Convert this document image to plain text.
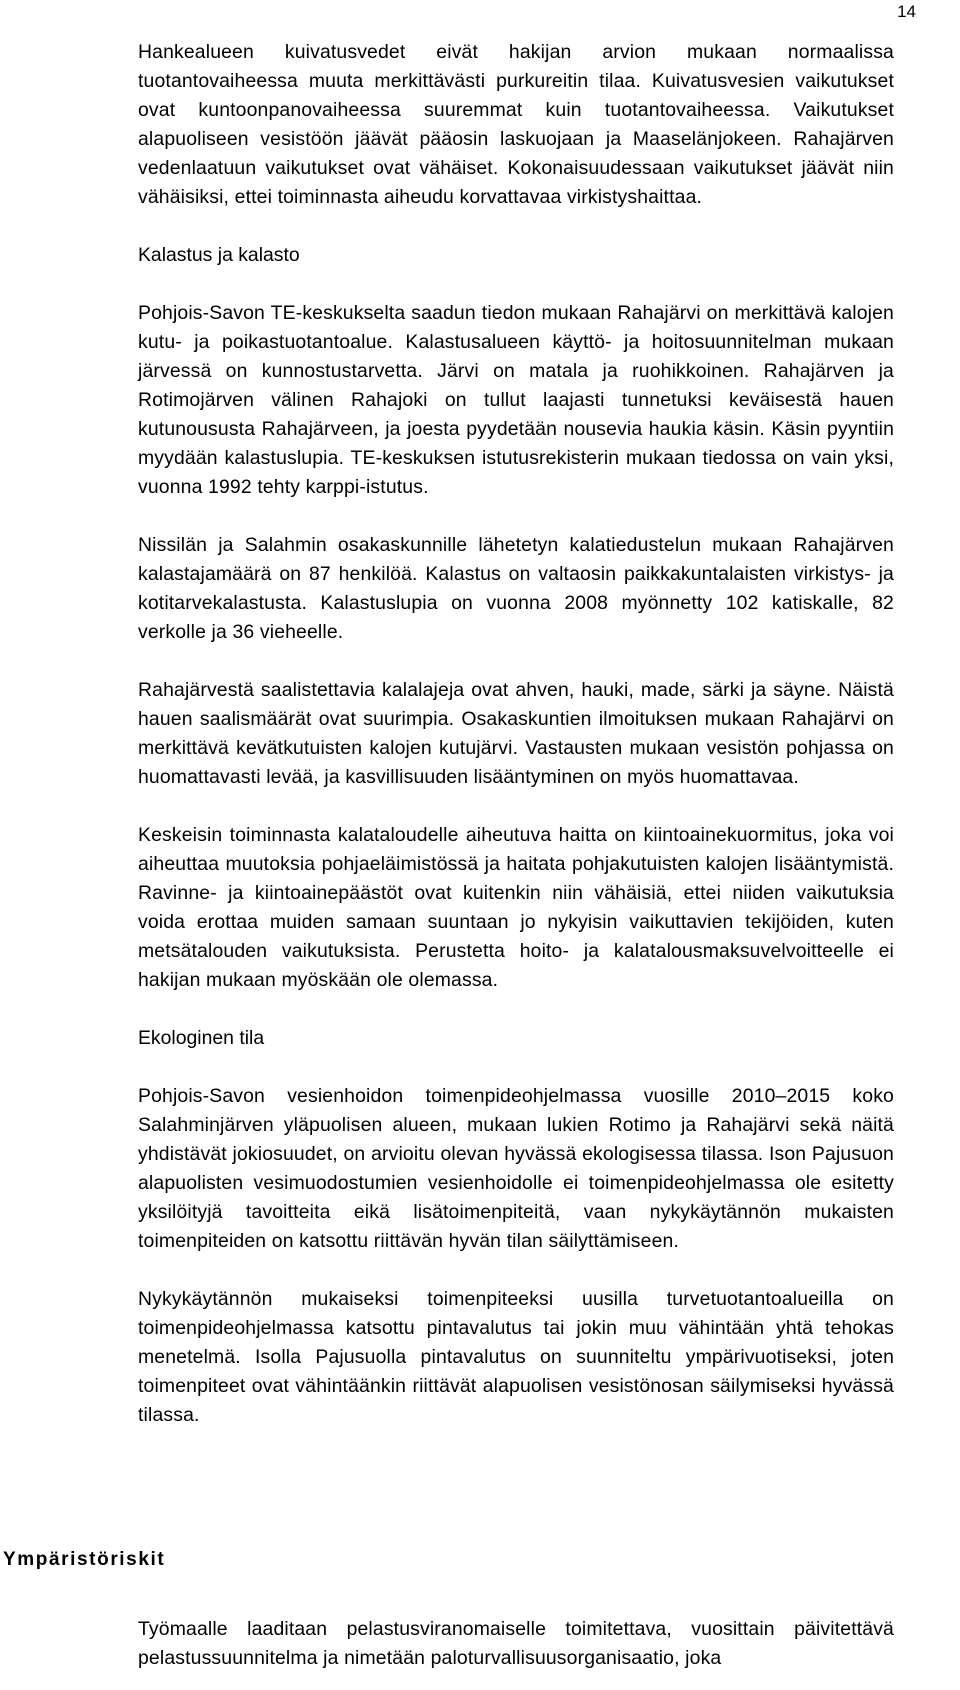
14

Hankealueen kuivatusvedet eivät hakijan arvion mukaan normaalissa tuotantovaiheessa muuta merkittävästi purkureitin tilaa. Kuivatusvesien vaikutukset ovat kuntoonpanovaiheessa suuremmat kuin tuotantovaiheessa. Vaikutukset alapuoliseen vesistöön jäävät pääosin laskuojaan ja Maaselänjokeen. Rahajärven vedenlaatuun vaikutukset ovat vähäiset. Kokonaisuudessaan vaikutukset jäävät niin vähäisiksi, ettei toiminnasta aiheudu korvattavaa virkistyshaittaa.

Kalastus ja kalasto

Pohjois-Savon TE-keskukselta saadun tiedon mukaan Rahajärvi on merkittävä kalojen kutu- ja poikastuotantoalue. Kalastusalueen käyttö- ja hoitosuunnitelman mukaan järvessä on kunnostustarvetta. Järvi on matala ja ruohikkoinen. Rahajärven ja Rotimojärven välinen Rahajoki on tullut laajasti tunnetuksi keväisestä hauen kutunoususta Rahajärveen, ja joesta pyydetään nousevia haukia käsin. Käsin pyyntiin myydään kalastuslupia. TE-keskuksen istutusrekisterin mukaan tiedossa on vain yksi, vuonna 1992 tehty karppi-istutus.

Nissilän ja Salahmin osakaskunnille lähetetyn kalatiedustelun mukaan Rahajärven kalastajamäärä on 87 henkilöä. Kalastus on valtaosin paikkakuntalaisten virkistys- ja kotitarvekalastusta. Kalastuslupia on vuonna 2008 myönnetty 102 katiskalle, 82 verkolle ja 36 vieheelle.

Rahajärvestä saalistettavia kalalajeja ovat ahven, hauki, made, särki ja säyne. Näistä hauen saalismäärät ovat suurimpia. Osakaskuntien ilmoituksen mukaan Rahajärvi on merkittävä kevätkutuisten kalojen kutujärvi. Vastausten mukaan vesistön pohjassa on huomattavasti levää, ja kasvillisuuden lisääntyminen on myös huomattavaa.

Keskeisin toiminnasta kalataloudelle aiheutuva haitta on kiintoainekuormitus, joka voi aiheuttaa muutoksia pohjaeläimistössä ja haitata pohjakutuisten kalojen lisääntymistä. Ravinne- ja kiintoainepäästöt ovat kuitenkin niin vähäisiä, ettei niiden vaikutuksia voida erottaa muiden samaan suuntaan jo nykyisin vaikuttavien tekijöiden, kuten metsätalouden vaikutuksista. Perustetta hoito- ja kalatalousmaksuvelvoitteelle ei hakijan mukaan myöskään ole olemassa.

Ekologinen tila

Pohjois-Savon vesienhoidon toimenpideohjelmassa vuosille 2010–2015 koko Salahminjärven yläpuolisen alueen, mukaan lukien Rotimo ja Rahajärvi sekä näitä yhdistävät jokiosuudet, on arvioitu olevan hyvässä ekologisessa tilassa. Ison Pajusuon alapuolisten vesimuodostumien vesienhoidolle ei toimenpideohjelmassa ole esitetty yksilöityjä tavoitteita eikä lisätoimenpiteitä, vaan nykykäytännön mukaisten toimenpiteiden on katsottu riittävän hyvän tilan säilyttämiseen.

Nykykäytännön mukaiseksi toimenpiteeksi uusilla turvetuotantoalueilla on toimenpideohjelmassa katsottu pintavalutus tai jokin muu vähintään yhtä tehokas menetelmä. Isolla Pajusuolla pintavalutus on suunniteltu ympärivuotiseksi, joten toimenpiteet ovat vähintäänkin riittävät alapuolisen vesistönosan säilymiseksi hyvässä tilassa.

Ympäristöriskit

Työmaalle laaditaan pelastusviranomaiselle toimitettava, vuosittain päivitettävä pelastussuunnitelma ja nimetään paloturvallisuusorganisaatio, joka
